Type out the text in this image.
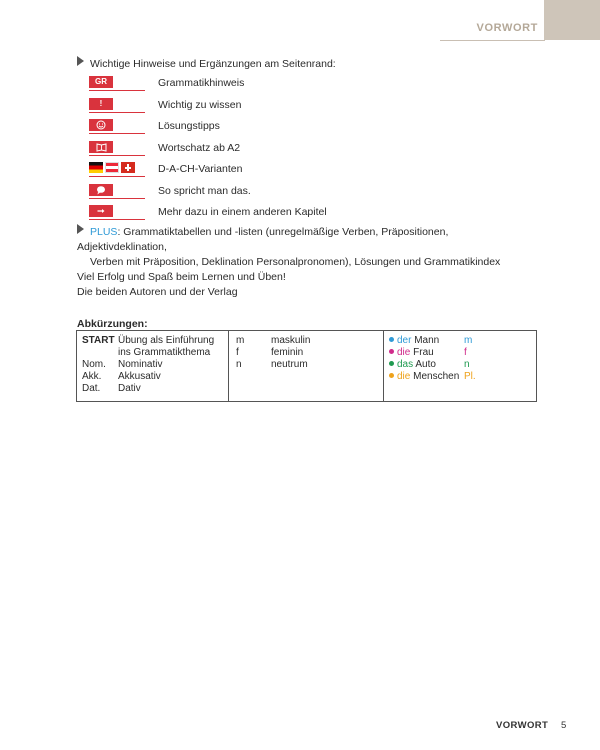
VORWORT
Wichtige Hinweise und Ergänzungen am Seitenrand:
GR	Grammatikhinweis
!	Wichtig zu wissen
Lösungstipps
Wortschatz ab A2
D-A-CH-Varianten
So spricht man das.
Mehr dazu in einem anderen Kapitel
PLUS: Grammatiktabellen und -listen (unregelmäßige Verben, Präpositionen, Adjektivdeklination,
Verben mit Präposition, Deklination Personalpronomen), Lösungen und Grammatikindex
Viel Erfolg und Spaß beim Lernen und Üben!
Die beiden Autoren und der Verlag
Abkürzungen:
START Übung als Einführung
ins Grammatikthema
Nom. Nominativ
Akk. Akkusativ
Dat. Dativ
m	maskulin
f	feminin
n	neutrum
der Mann m
die Frau	f
das Auto	n
die Menschen Pl.
VORWORT 5
